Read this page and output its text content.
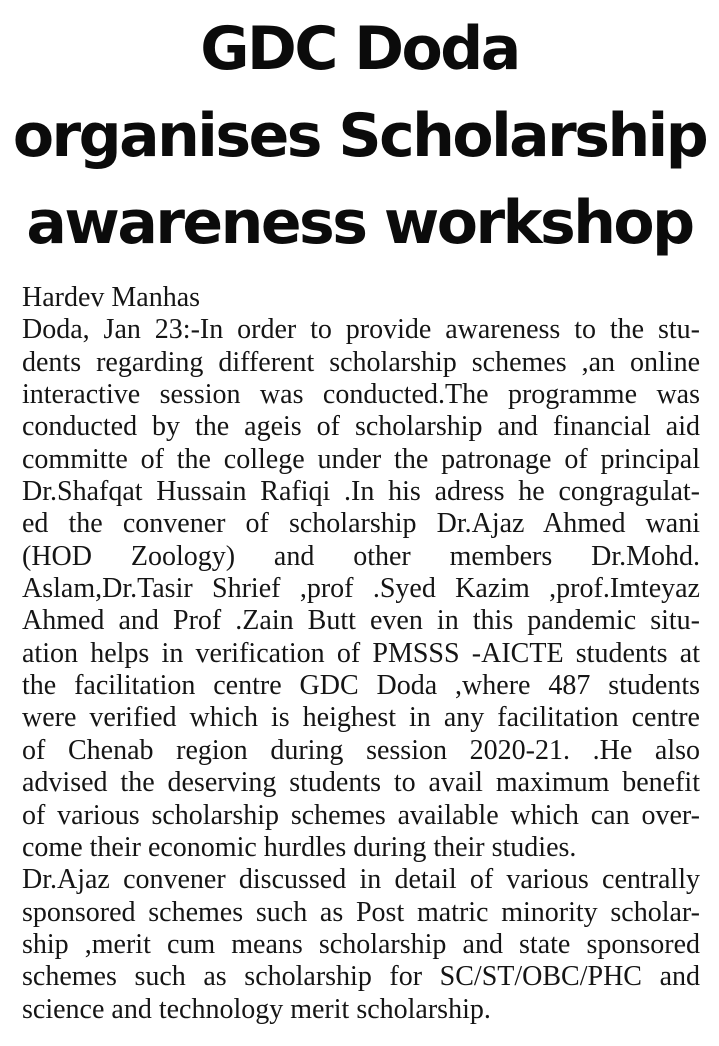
GDC Doda
organises Scholarship
awareness workshop
Hardev Manhas
Doda, Jan 23:-In order to provide awareness to the stu-
dents regarding different scholarship schemes ,an online
interactive session was conducted.The programme was
conducted by the ageis of scholarship and financial aid
committe of the college under the patronage of principal
Dr.Shafqat Hussain Rafiqi .In his adress he congragulat-
ed the convener of scholarship Dr.Ajaz Ahmed wani
(HOD Zoology) and other members Dr.Mohd.
Aslam,Dr.Tasir Shrief ,prof .Syed Kazim ,prof.Imteyaz
Ahmed and Prof .Zain Butt even in this pandemic situ-
ation helps in verification of PMSSS -AICTE students at
the facilitation centre GDC Doda ,where 487 students
were verified which is heighest in any facilitation centre
of Chenab region during session 2020-21. .He also
advised the deserving students to avail maximum benefit
of various scholarship schemes available which can over-
come their economic hurdles during their studies.
Dr.Ajaz convener discussed in detail of various centrally
sponsored schemes such as Post matric minority scholar-
ship ,merit cum means scholarship and state sponsored
schemes such as scholarship for SC/ST/OBC/PHC and
science and technology merit scholarship.
